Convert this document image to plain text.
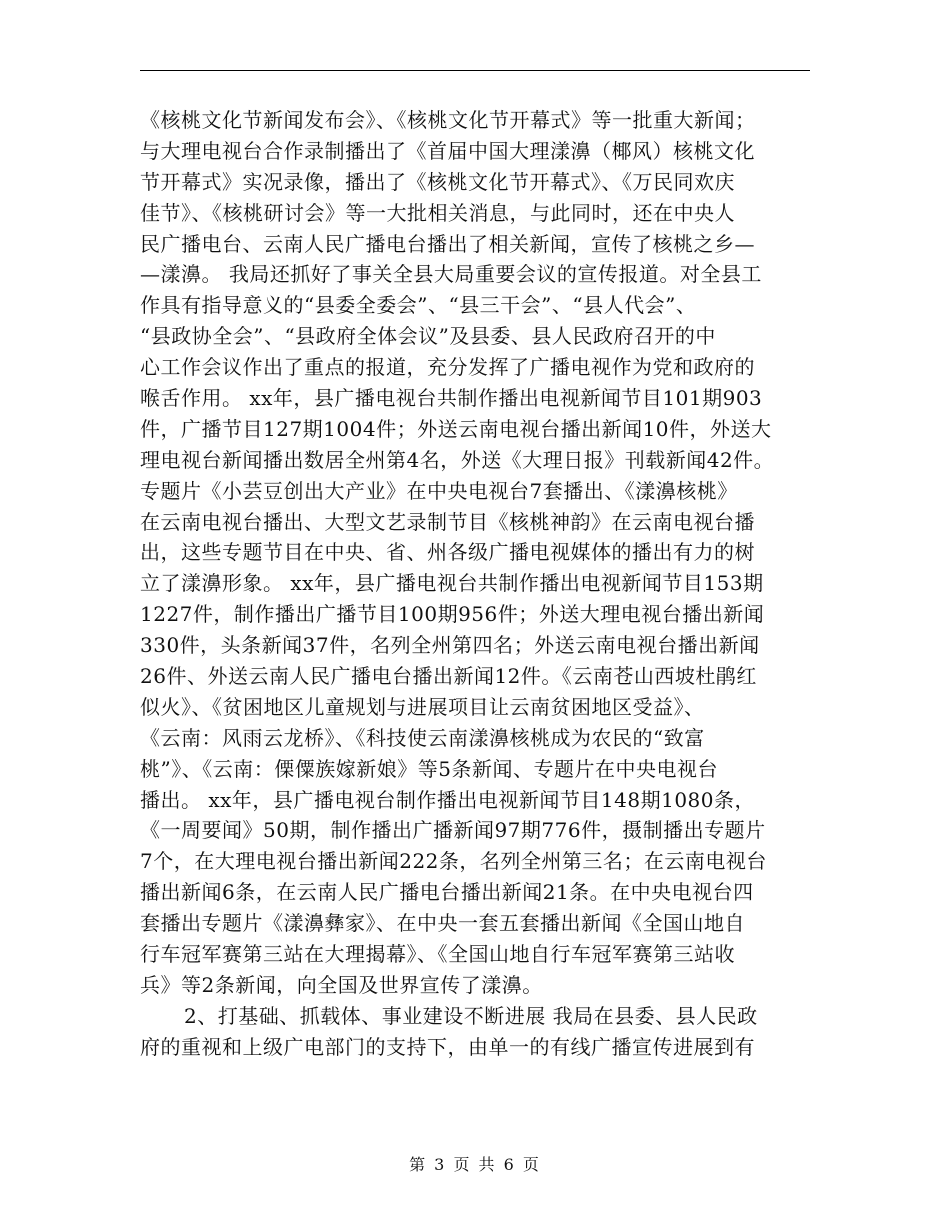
《核桃文化节新闻发布会》、《核桃文化节开幕式》等一批重大新闻；
与大理电视台合作录制播出了《首届中国大理漾濞（椰风）核桃文化
节开幕式》实况录像，播出了《核桃文化节开幕式》、《万民同欢庆
佳节》、《核桃研讨会》等一大批相关消息，与此同时，还在中央人
民广播电台、云南人民广播电台播出了相关新闻，宣传了核桃之乡—
—漾濞。 我局还抓好了事关全县大局重要会议的宣传报道。对全县工
作具有指导意义的“县委全委会”、“县三干会”、“县人代会”、
“县政协全会”、“县政府全体会议”及县委、县人民政府召开的中
心工作会议作出了重点的报道，充分发挥了广播电视作为党和政府的
喉舌作用。 xx年，县广播电视台共制作播出电视新闻节目101期903
件，广播节目127期1004件；外送云南电视台播出新闻10件，外送大
理电视台新闻播出数居全州第4名，外送《大理日报》刊载新闻42件。
专题片《小芸豆创出大产业》在中央电视台7套播出、《漾濞核桃》
在云南电视台播出、大型文艺录制节目《核桃神韵》在云南电视台播
出，这些专题节目在中央、省、州各级广播电视媒体的播出有力的树
立了漾濞形象。 xx年，县广播电视台共制作播出电视新闻节目153期
1227件，制作播出广播节目100期956件；外送大理电视台播出新闻
330件，头条新闻37件，名列全州第四名；外送云南电视台播出新闻
26件、外送云南人民广播电台播出新闻12件。《云南苍山西坡杜鹃红
似火》、《贫困地区儿童规划与进展项目让云南贫困地区受益》、
《云南：风雨云龙桥》、《科技使云南漾濞核桃成为农民的“致富
桃”》、《云南：傈僳族嫁新娘》等5条新闻、专题片在中央电视台
播出。 xx年，县广播电视台制作播出电视新闻节目148期1080条，
《一周要闻》50期，制作播出广播新闻97期776件，摄制播出专题片
7个，在大理电视台播出新闻222条，名列全州第三名；在云南电视台
播出新闻6条，在云南人民广播电台播出新闻21条。在中央电视台四
套播出专题片《漾濞彝家》、在中央一套五套播出新闻《全国山地自
行车冠军赛第三站在大理揭幕》、《全国山地自行车冠军赛第三站收
兵》等2条新闻，向全国及世界宣传了漾濞。
2、打基础、抓载体、事业建设不断进展 我局在县委、县人民政
府的重视和上级广电部门的支持下，由单一的有线广播宣传进展到有
第 3 页 共 6 页
